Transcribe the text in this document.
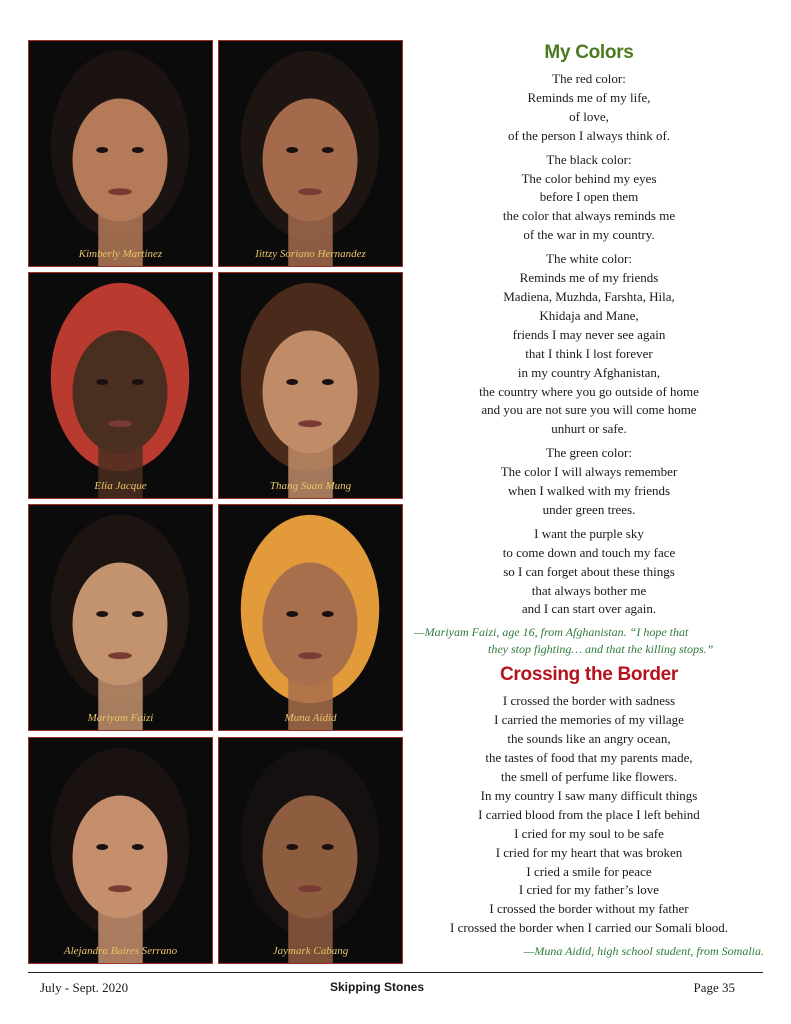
Kimberly Martinez	Iittzy Soriano Hernandez
Elia Jacque	Thang Suan Mung
Mariyam Faizi	Muna Aidid
Alejandra Baires Serrano	Jaymark Cabang
My Colors
The red color:
Reminds me of my life,
of love,
of the person I always think of.
The black color:
The color behind my eyes
before I open them
the color that always reminds me
of the war in my country.
The white color:
Reminds me of my friends
Madiena, Muzhda, Farshta, Hila,
Khidaja and Mane,
friends I may never see again
that I think I lost forever
in my country Afghanistan,
the country where you go outside of home
and you are not sure you will come home
unhurt or safe.
The green color:
The color I will always remember
when I walked with my friends
under green trees.
I want the purple sky
to come down and touch my face
so I can forget about these things
that always bother me
and I can start over again.
—Mariyam Faizi, age 16, from Afghanistan. “I hope that
they stop fighting… and that the killing stops.”
Crossing the Border
I crossed the border with sadness
I carried the memories of my village
the sounds like an angry ocean,
the tastes of food that my parents made,
the smell of perfume like flowers.
In my country I saw many difficult things
I carried blood from the place I left behind
I cried for my soul to be safe
I cried for my heart that was broken
I cried a smile for peace
I cried for my father’s love
I crossed the border without my father
I crossed the border when I carried our Somali blood.
—Muna Aidid, high school student, from Somalia.
July - Sept. 2020	Skipping Stones	Page 35
